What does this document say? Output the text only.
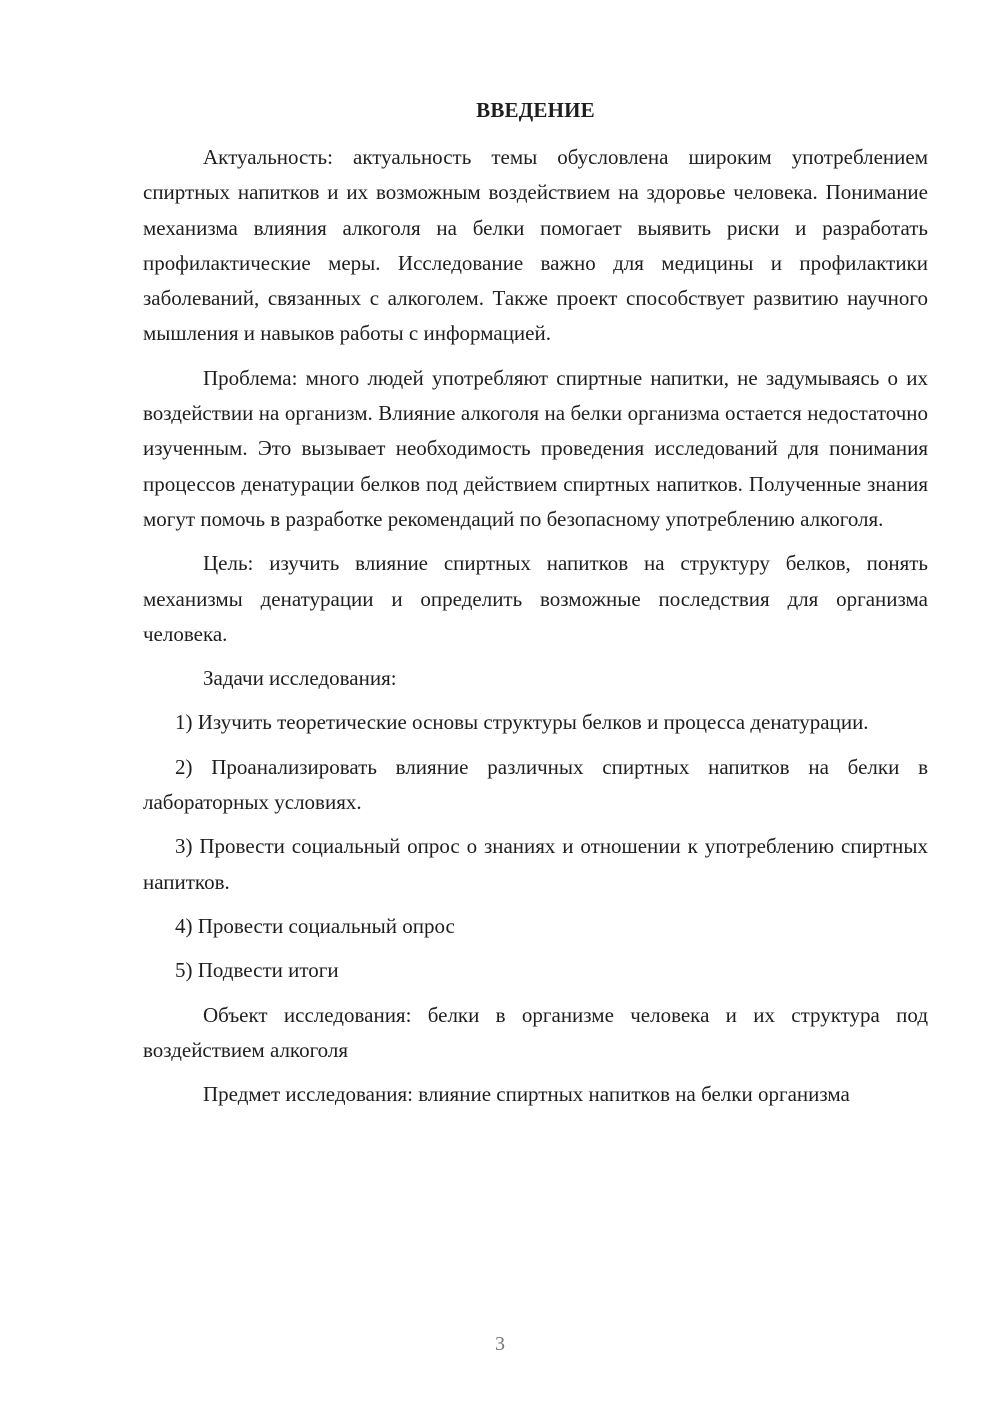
ВВЕДЕНИЕ

Актуальность: актуальность темы обусловлена широким употреблением спиртных напитков и их возможным воздействием на здоровье человека. Понимание механизма влияния алкоголя на белки помогает выявить риски и разработать профилактические меры. Исследование важно для медицины и профилактики заболеваний, связанных с алкоголем. Также проект способствует развитию научного мышления и навыков работы с информацией.

Проблема: много людей употребляют спиртные напитки, не задумываясь о их воздействии на организм. Влияние алкоголя на белки организма остается недостаточно изученным. Это вызывает необходимость проведения исследований для понимания процессов денатурации белков под действием спиртных напитков. Полученные знания могут помочь в разработке рекомендаций по безопасному употреблению алкоголя.

Цель: изучить влияние спиртных напитков на структуру белков, понять механизмы денатурации и определить возможные последствия для организма человека.

Задачи исследования:

1) Изучить теоретические основы структуры белков и процесса денатурации.

2) Проанализировать влияние различных спиртных напитков на белки в лабораторных условиях.

3) Провести социальный опрос о знаниях и отношении к употреблению спиртных напитков.

4) Провести социальный опрос

5) Подвести итоги

Объект исследования: белки в организме человека и их структура под воздействием алкоголя

Предмет исследования: влияние спиртных напитков на белки организма

3
